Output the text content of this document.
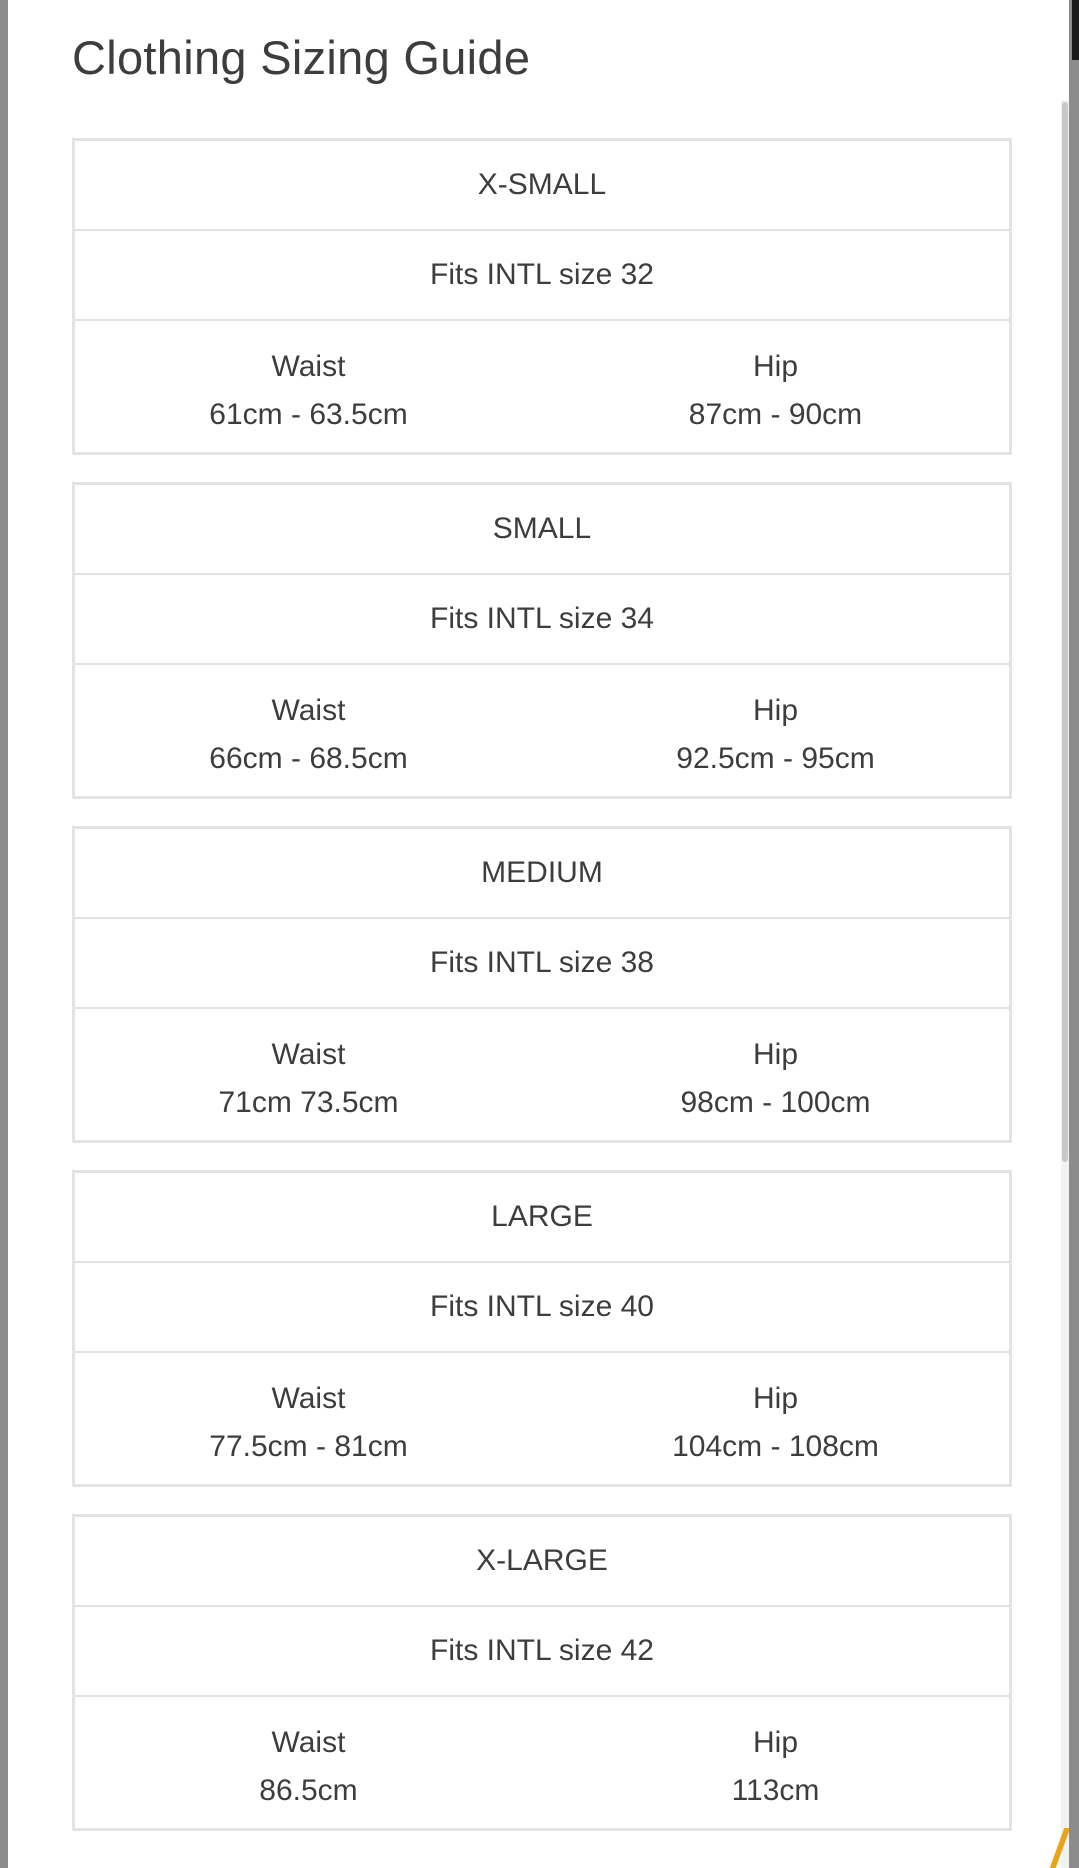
Clothing Sizing Guide
X-SMALL
Fits INTL size 32
Waist
61cm - 63.5cm
Hip
87cm - 90cm
SMALL
Fits INTL size 34
Waist
66cm - 68.5cm
Hip
92.5cm - 95cm
MEDIUM
Fits INTL size 38
Waist
71cm 73.5cm
Hip
98cm - 100cm
LARGE
Fits INTL size 40
Waist
77.5cm - 81cm
Hip
104cm - 108cm
X-LARGE
Fits INTL size 42
Waist
86.5cm
Hip
113cm
